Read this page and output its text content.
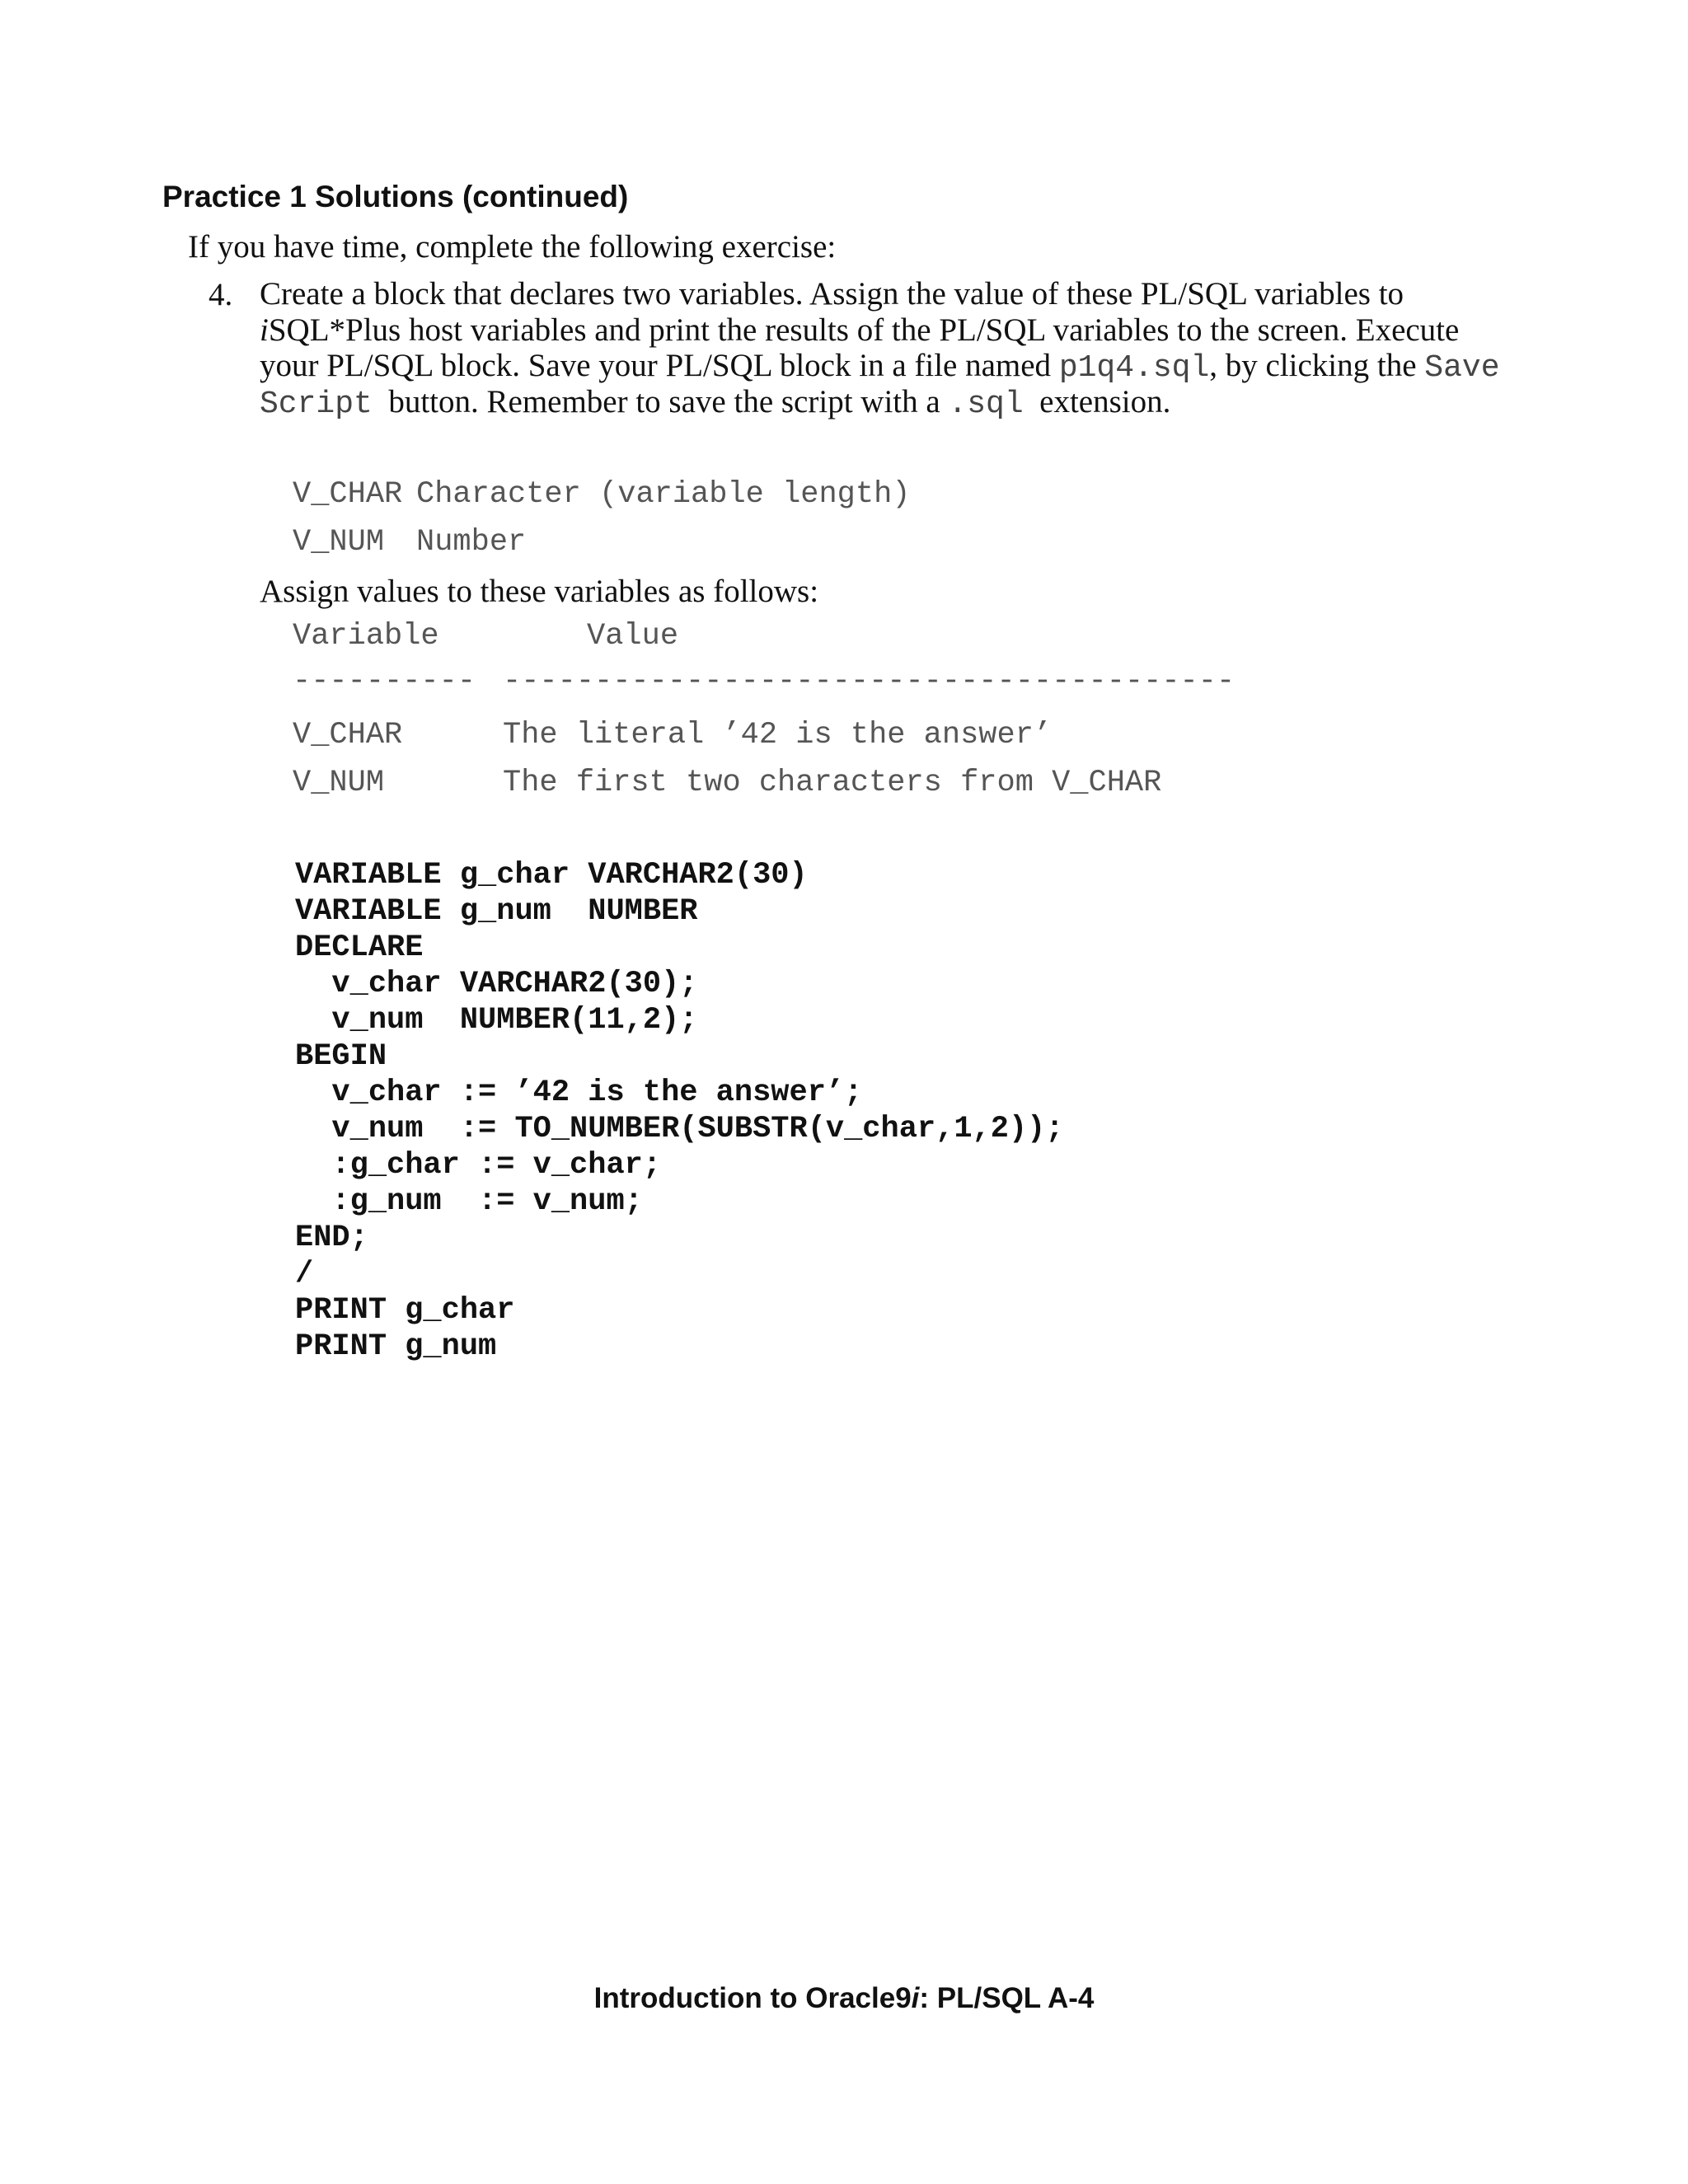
Practice 1 Solutions (continued)
If you have time, complete the following exercise:
4. Create a block that declares two variables. Assign the value of these PL/SQL variables to
iSQL*Plus host variables and print the results of the PL/SQL variables to the screen. Execute
your PL/SQL block. Save your PL/SQL block in a file named p1q4.sql, by clicking the Save
Script  button. Remember to save the script with a .sql  extension.
V_CHAR Character (variable length)
V_NUM Number
Assign values to these variables as follows:
Variable	Value
---------- ----------------------------------------
V_CHAR	The literal ’42 is the answer’
V_NUM	The first two characters from V_CHAR
VARIABLE g_char VARCHAR2(30)
VARIABLE g_num  NUMBER
DECLARE
v_char VARCHAR2(30);
v_num  NUMBER(11,2);
BEGIN
v_char := ’42 is the answer’;
v_num  := TO_NUMBER(SUBSTR(v_char,1,2));
:g_char := v_char;
:g_num  := v_num;
END;
/
PRINT g_char
PRINT g_num
Introduction to Oracle9i: PL/SQL A-4
